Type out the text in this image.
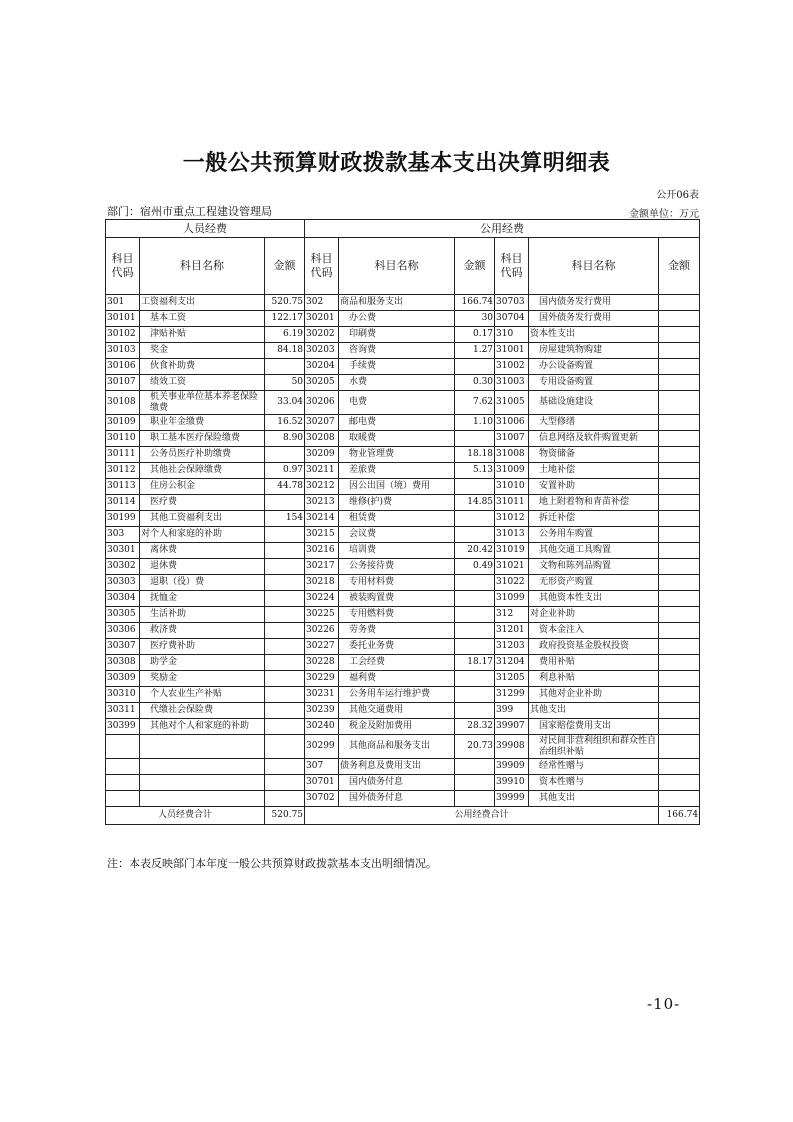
一般公共预算财政拨款基本支出决算明细表
公开06表
部门：宿州市重点工程建设管理局	金额单位：万元
人员经费			公用经费					
科目代码	科目名称	金额	科目代码	科目名称	金额	科目代码	科目名称	金额
301	工资福利支出	520.75	302	商品和服务支出	166.74	30703	国内债务发行费用	
30101	基本工资	122.17	30201	办公费	30	30704	国外债务发行费用	
30102	津贴补贴	6.19	30202	印刷费	0.17	310	资本性支出	
30103	奖金	84.18	30203	咨询费	1.27	31001	房屋建筑物购建	
30106	伙食补助费		30204	手续费		31002	办公设备购置	
30107	绩效工资	50	30205	水费	0.30	31003	专用设备购置	
30108	机关事业单位基本养老保险缴费	33.04	30206	电费	7.62	31005	基础设施建设	
30109	职业年金缴费	16.52	30207	邮电费	1.10	31006	大型修缮	
30110	职工基本医疗保险缴费	8.90	30208	取暖费		31007	信息网络及软件购置更新	
30111	公务员医疗补助缴费		30209	物业管理费	18.18	31008	物资储备	
30112	其他社会保障缴费	0.97	30211	差旅费	5.13	31009	土地补偿	
30113	住房公积金	44.78	30212	因公出国（境）费用		31010	安置补助	
30114	医疗费		30213	维修(护)费	14.85	31011	地上附着物和青苗补偿	
30199	其他工资福利支出	154	30214	租赁费		31012	拆迁补偿	
303	对个人和家庭的补助		30215	会议费		31013	公务用车购置	
30301	离休费		30216	培训费	20.42	31019	其他交通工具购置	
30302	退休费		30217	公务接待费	0.49	31021	文物和陈列品购置	
30303	退职（役）费		30218	专用材料费		31022	无形资产购置	
30304	抚恤金		30224	被装购置费		31099	其他资本性支出	
30305	生活补助		30225	专用燃料费		312	对企业补助	
30306	救济费		30226	劳务费		31201	资本金注入	
30307	医疗费补助		30227	委托业务费		31203	政府投资基金股权投资	
30308	助学金		30228	工会经费	18.17	31204	费用补贴	
30309	奖励金		30229	福利费		31205	利息补贴	
30310	个人农业生产补贴		30231	公务用车运行维护费		31299	其他对企业补助	
30311	代缴社会保险费		30239	其他交通费用		399	其他支出	
30399	其他对个人和家庭的补助		30240	税金及附加费用	28.32	39907	国家赔偿费用支出	
			30299	其他商品和服务支出	20.73	39908	对民间非营利组织和群众性自治组织补贴	
			307	债务利息及费用支出		39909	经常性赠与	
			30701	国内债务付息		39910	资本性赠与	
			30702	国外债务付息		39999	其他支出	
人员经费合计		520.75	公用经费合计					166.74
注：本表反映部门本年度一般公共预算财政拨款基本支出明细情况。
-10-
